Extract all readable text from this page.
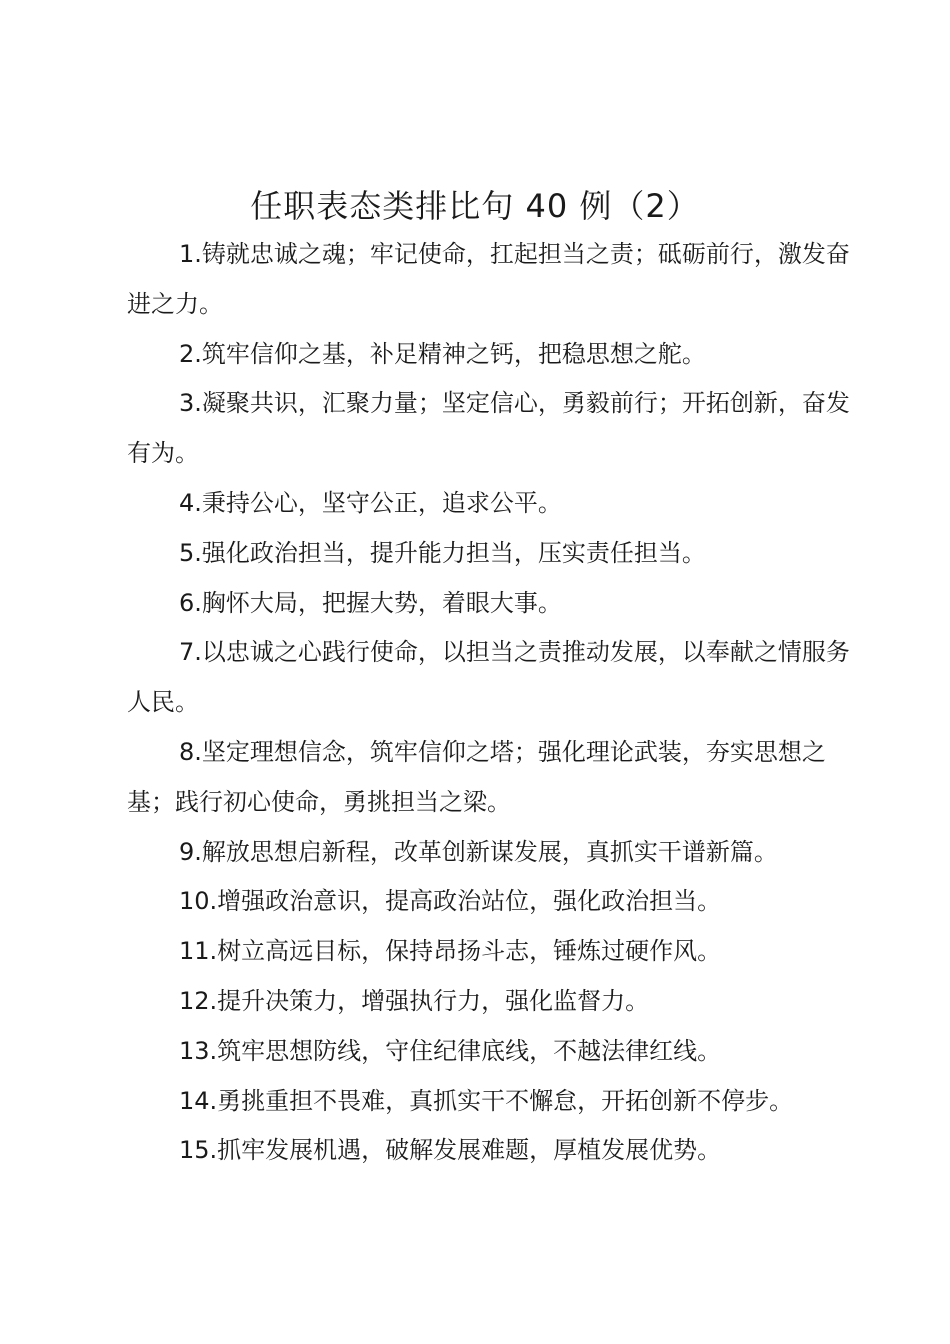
任职表态类排比句 40 例（2）

1.铸就忠诚之魂；牢记使命，扛起担当之责；砥砺前行，激发奋进之力。

2.筑牢信仰之基，补足精神之钙，把稳思想之舵。

3.凝聚共识，汇聚力量；坚定信心，勇毅前行；开拓创新，奋发有为。

4.秉持公心，坚守公正，追求公平。

5.强化政治担当，提升能力担当，压实责任担当。

6.胸怀大局，把握大势，着眼大事。

7.以忠诚之心践行使命，以担当之责推动发展，以奉献之情服务人民。

8.坚定理想信念，筑牢信仰之塔；强化理论武装，夯实思想之基；践行初心使命，勇挑担当之梁。

9.解放思想启新程，改革创新谋发展，真抓实干谱新篇。

10.增强政治意识，提高政治站位，强化政治担当。

11.树立高远目标，保持昂扬斗志，锤炼过硬作风。

12.提升决策力，增强执行力，强化监督力。

13.筑牢思想防线，守住纪律底线，不越法律红线。

14.勇挑重担不畏难，真抓实干不懈怠，开拓创新不停步。

15.抓牢发展机遇，破解发展难题，厚植发展优势。
